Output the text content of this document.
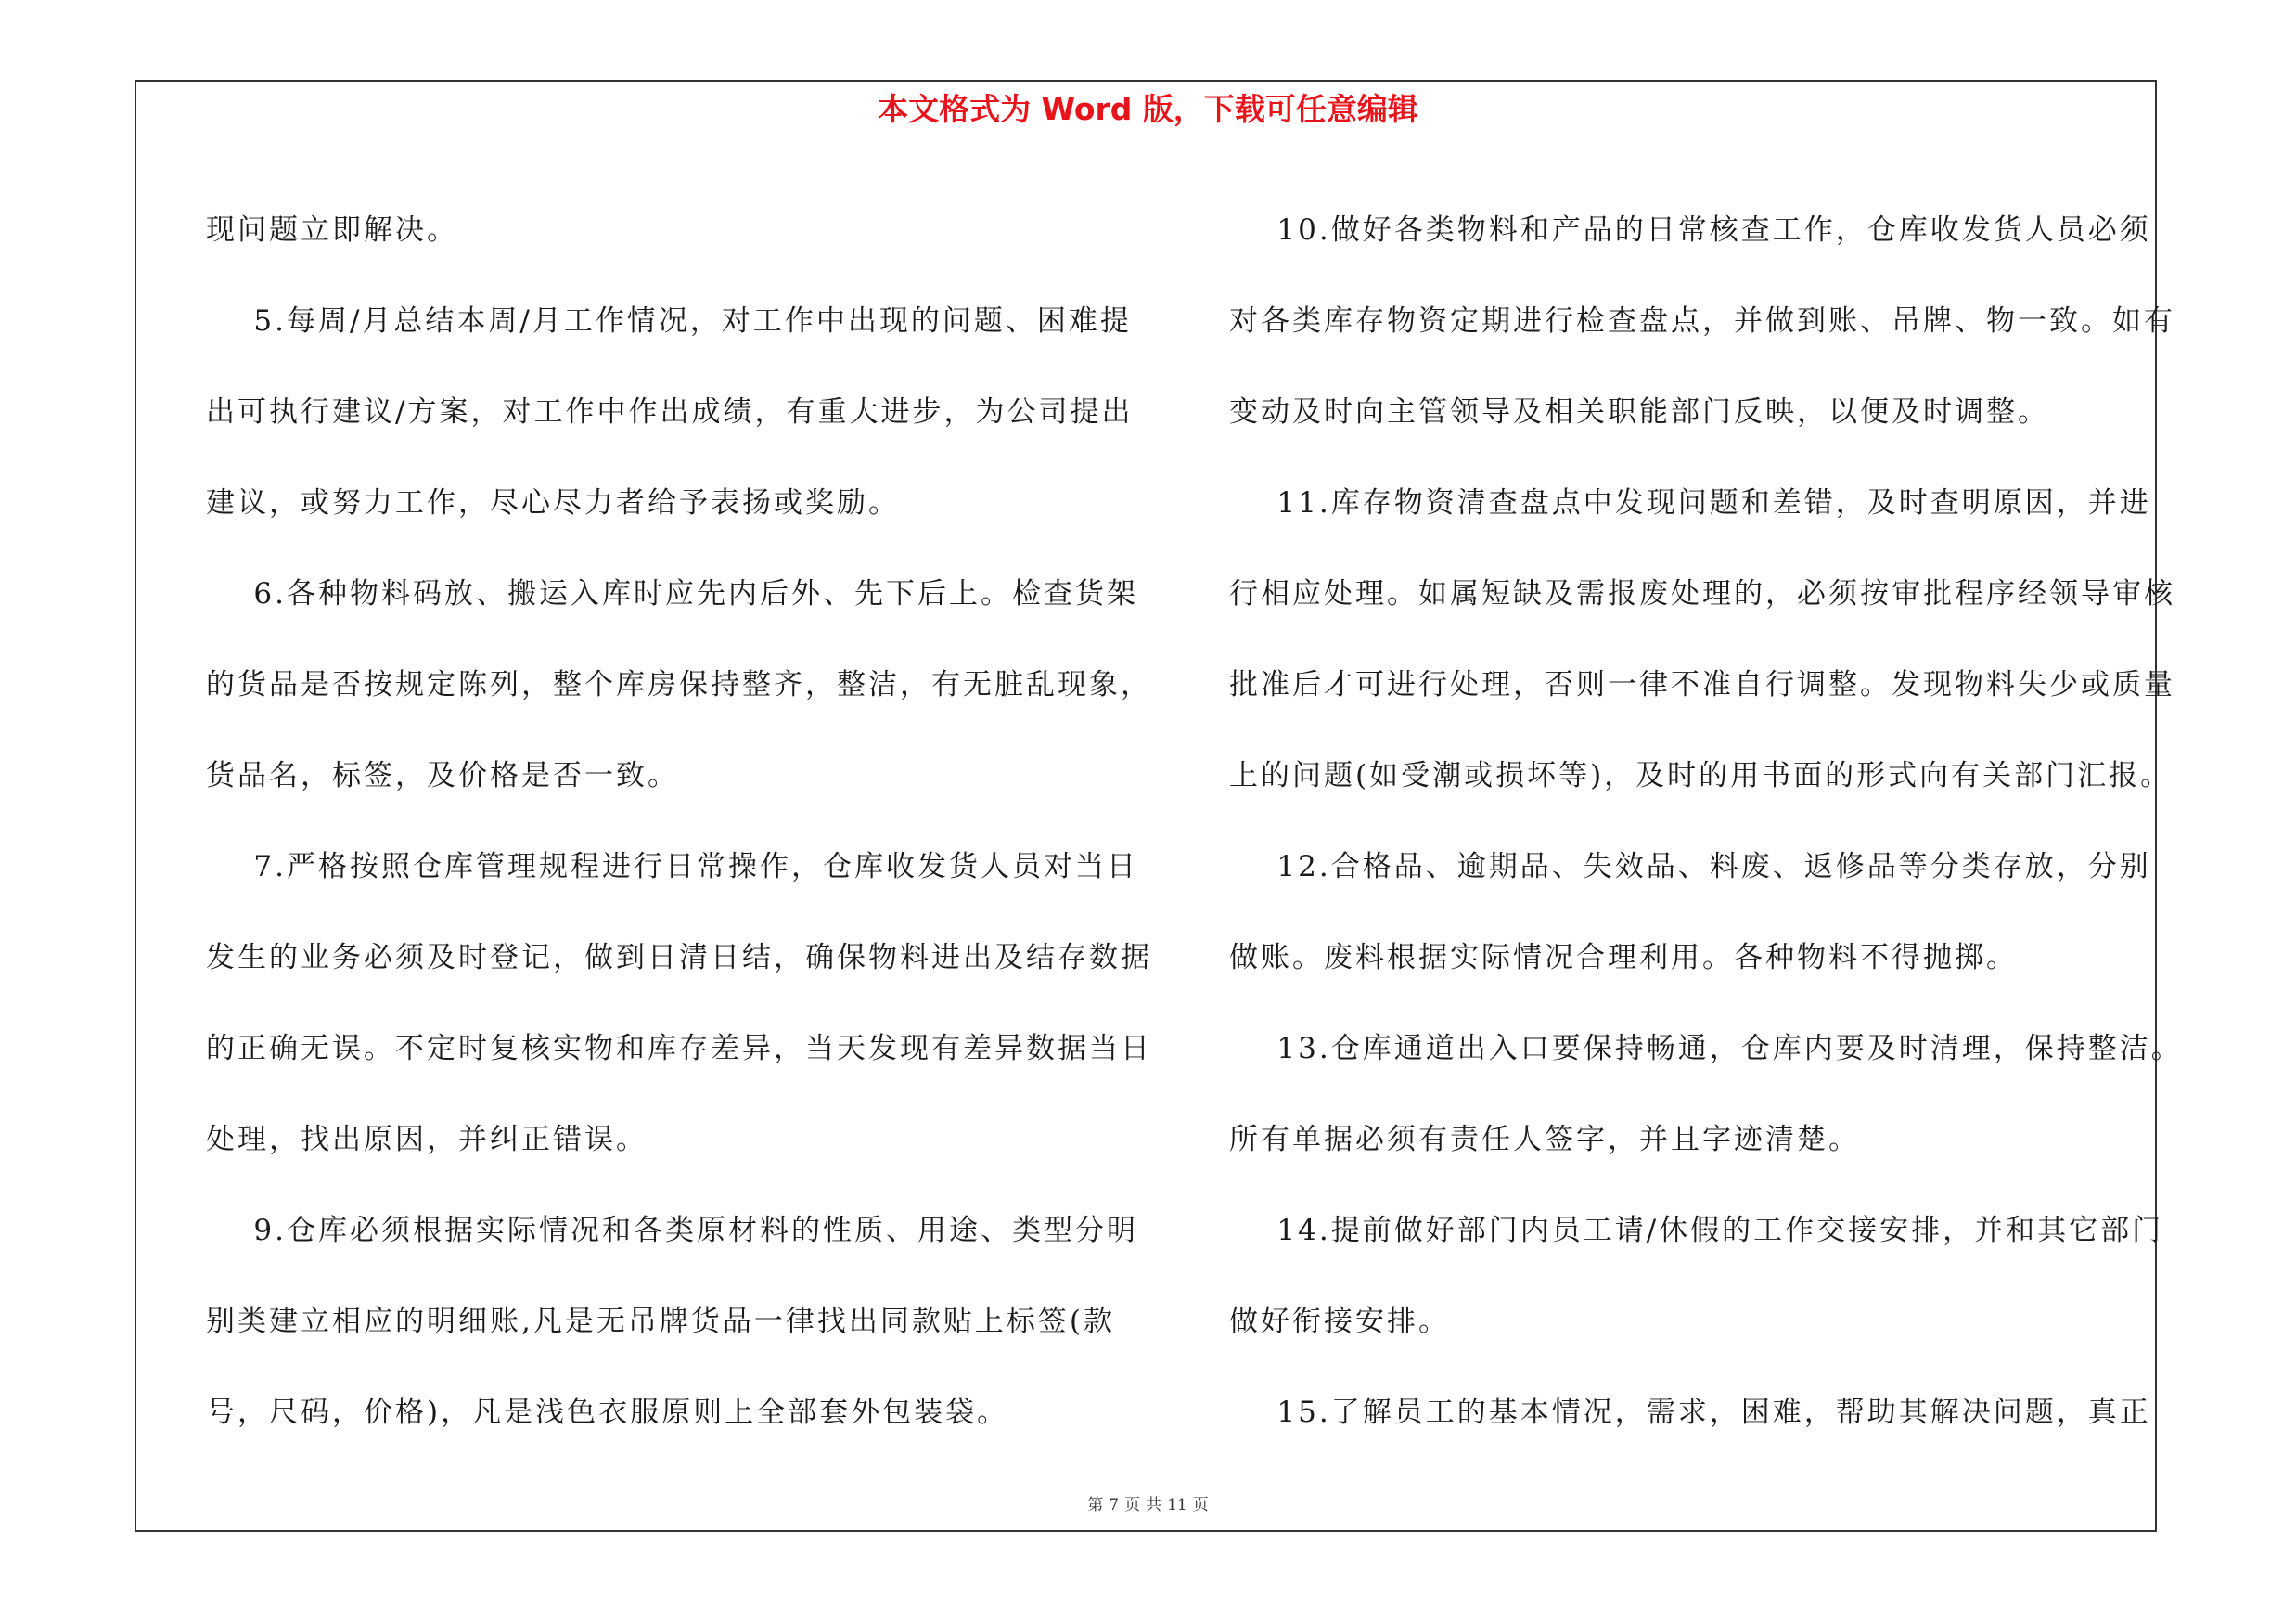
本文格式为 Word 版，下载可任意编辑

现问题立即解决。

5.每周/月总结本周/月工作情况，对工作中出现的问题、困难提

出可执行建议/方案，对工作中作出成绩，有重大进步，为公司提出

建议，或努力工作，尽心尽力者给予表扬或奖励。

6.各种物料码放、搬运入库时应先内后外、先下后上。检查货架

的货品是否按规定陈列，整个库房保持整齐，整洁，有无脏乱现象，

货品名，标签，及价格是否一致。

7.严格按照仓库管理规程进行日常操作，仓库收发货人员对当日

发生的业务必须及时登记，做到日清日结，确保物料进出及结存数据

的正确无误。不定时复核实物和库存差异，当天发现有差异数据当日

处理，找出原因，并纠正错误。

9.仓库必须根据实际情况和各类原材料的性质、用途、类型分明

别类建立相应的明细账,凡是无吊牌货品一律找出同款贴上标签(款

号，尺码，价格)，凡是浅色衣服原则上全部套外包装袋。

10.做好各类物料和产品的日常核查工作，仓库收发货人员必须

对各类库存物资定期进行检查盘点，并做到账、吊牌、物一致。如有

变动及时向主管领导及相关职能部门反映，以便及时调整。

11.库存物资清查盘点中发现问题和差错，及时查明原因，并进

行相应处理。如属短缺及需报废处理的，必须按审批程序经领导审核

批准后才可进行处理，否则一律不准自行调整。发现物料失少或质量

上的问题(如受潮或损坏等)，及时的用书面的形式向有关部门汇报。

12.合格品、逾期品、失效品、料废、返修品等分类存放，分别

做账。废料根据实际情况合理利用。各种物料不得抛掷。

13.仓库通道出入口要保持畅通，仓库内要及时清理，保持整洁。

所有单据必须有责任人签字，并且字迹清楚。

14.提前做好部门内员工请/休假的工作交接安排，并和其它部门

做好衔接安排。

15.了解员工的基本情况，需求，困难，帮助其解决问题，真正

第 7 页 共 11 页
